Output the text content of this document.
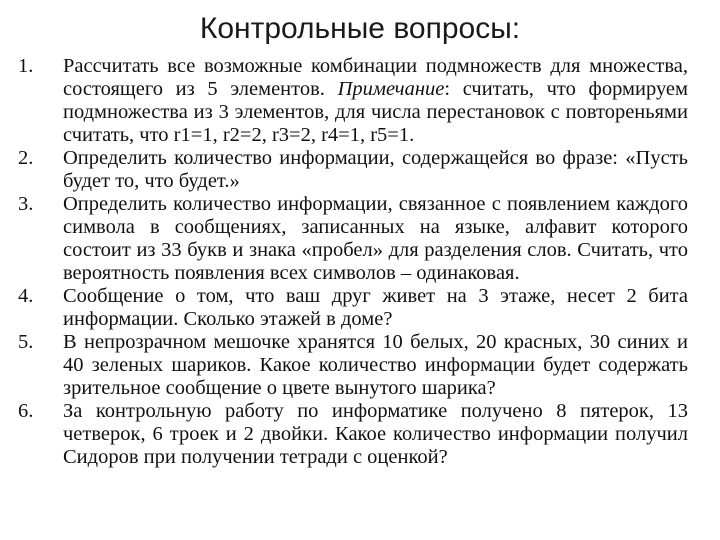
Контрольные вопросы:
1. Рассчитать все возможные комбинации подмножеств для множества, состоящего из 5 элементов. Примечание: считать, что формируем подмножества из 3 элементов, для числа перестановок с повтореньями считать, что r1=1, r2=2, r3=2, r4=1, r5=1.
2. Определить количество информации, содержащейся во фразе: «Пусть будет то, что будет.»
3. Определить количество информации, связанное с появлением каждого символа в сообщениях, записанных на языке, алфавит которого состоит из 33 букв и знака «пробел» для разделения слов. Считать, что вероятность появления всех символов – одинаковая.
4. Сообщение о том, что ваш друг живет на 3 этаже, несет 2 бита информации. Сколько этажей в доме?
5. В непрозрачном мешочке хранятся 10 белых, 20 красных, 30 синих и 40 зеленых шариков. Какое количество информации будет содержать зрительное сообщение о цвете вынутого шарика?
6. За контрольную работу по информатике получено 8 пятерок, 13 четверок, 6 троек и 2 двойки. Какое количество информации получил Сидоров при получении тетради с оценкой?
